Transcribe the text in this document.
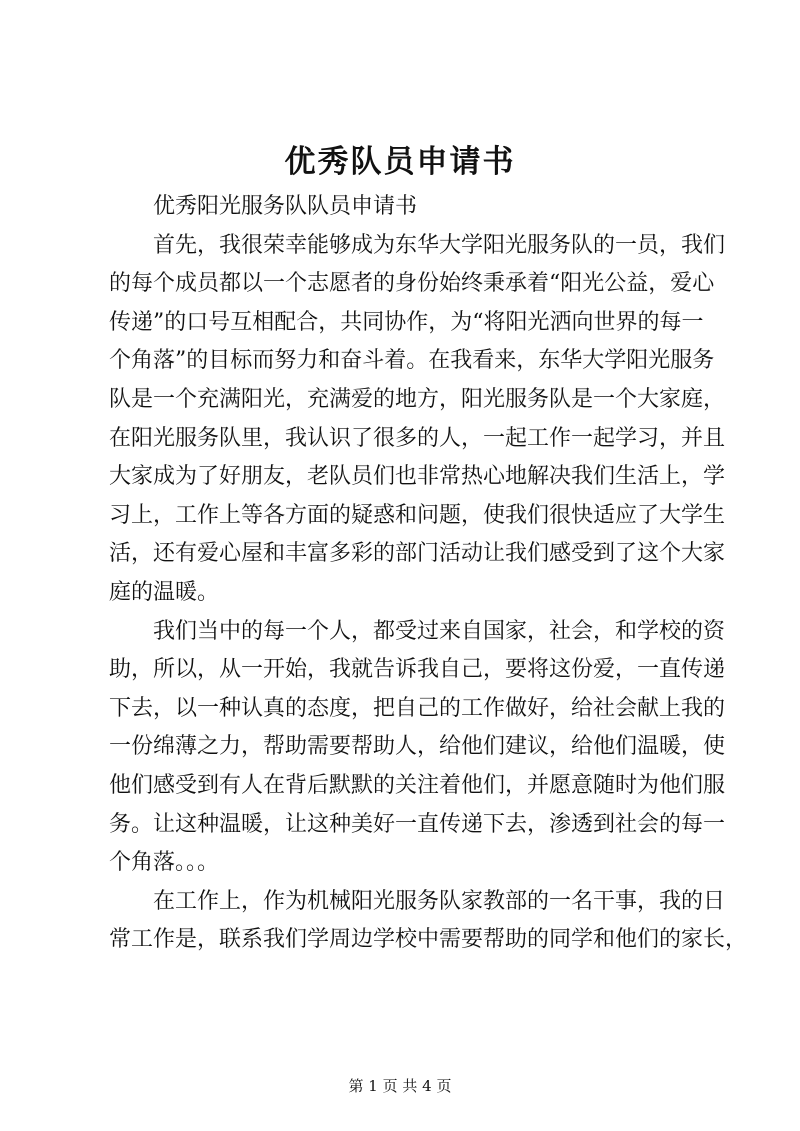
优秀队员申请书
优秀阳光服务队队员申请书
首先，我很荣幸能够成为东华大学阳光服务队的一员，我们
的每个成员都以一个志愿者的身份始终秉承着“阳光公益，爱心
传递”的口号互相配合，共同协作，为“将阳光洒向世界的每一
个角落”的目标而努力和奋斗着。在我看来，东华大学阳光服务
队是一个充满阳光，充满爱的地方，阳光服务队是一个大家庭，
在阳光服务队里，我认识了很多的人，一起工作一起学习，并且
大家成为了好朋友，老队员们也非常热心地解决我们生活上，学
习上，工作上等各方面的疑惑和问题，使我们很快适应了大学生
活，还有爱心屋和丰富多彩的部门活动让我们感受到了这个大家
庭的温暖。
我们当中的每一个人，都受过来自国家，社会，和学校的资
助，所以，从一开始，我就告诉我自己，要将这份爱，一直传递
下去，以一种认真的态度，把自己的工作做好，给社会献上我的
一份绵薄之力，帮助需要帮助人，给他们建议，给他们温暖，使
他们感受到有人在背后默默的关注着他们，并愿意随时为他们服
务。让这种温暖，让这种美好一直传递下去，渗透到社会的每一
个角落。。。
在工作上，作为机械阳光服务队家教部的一名干事，我的日
常工作是，联系我们学周边学校中需要帮助的同学和他们的家长，
第 1 页 共 4 页
